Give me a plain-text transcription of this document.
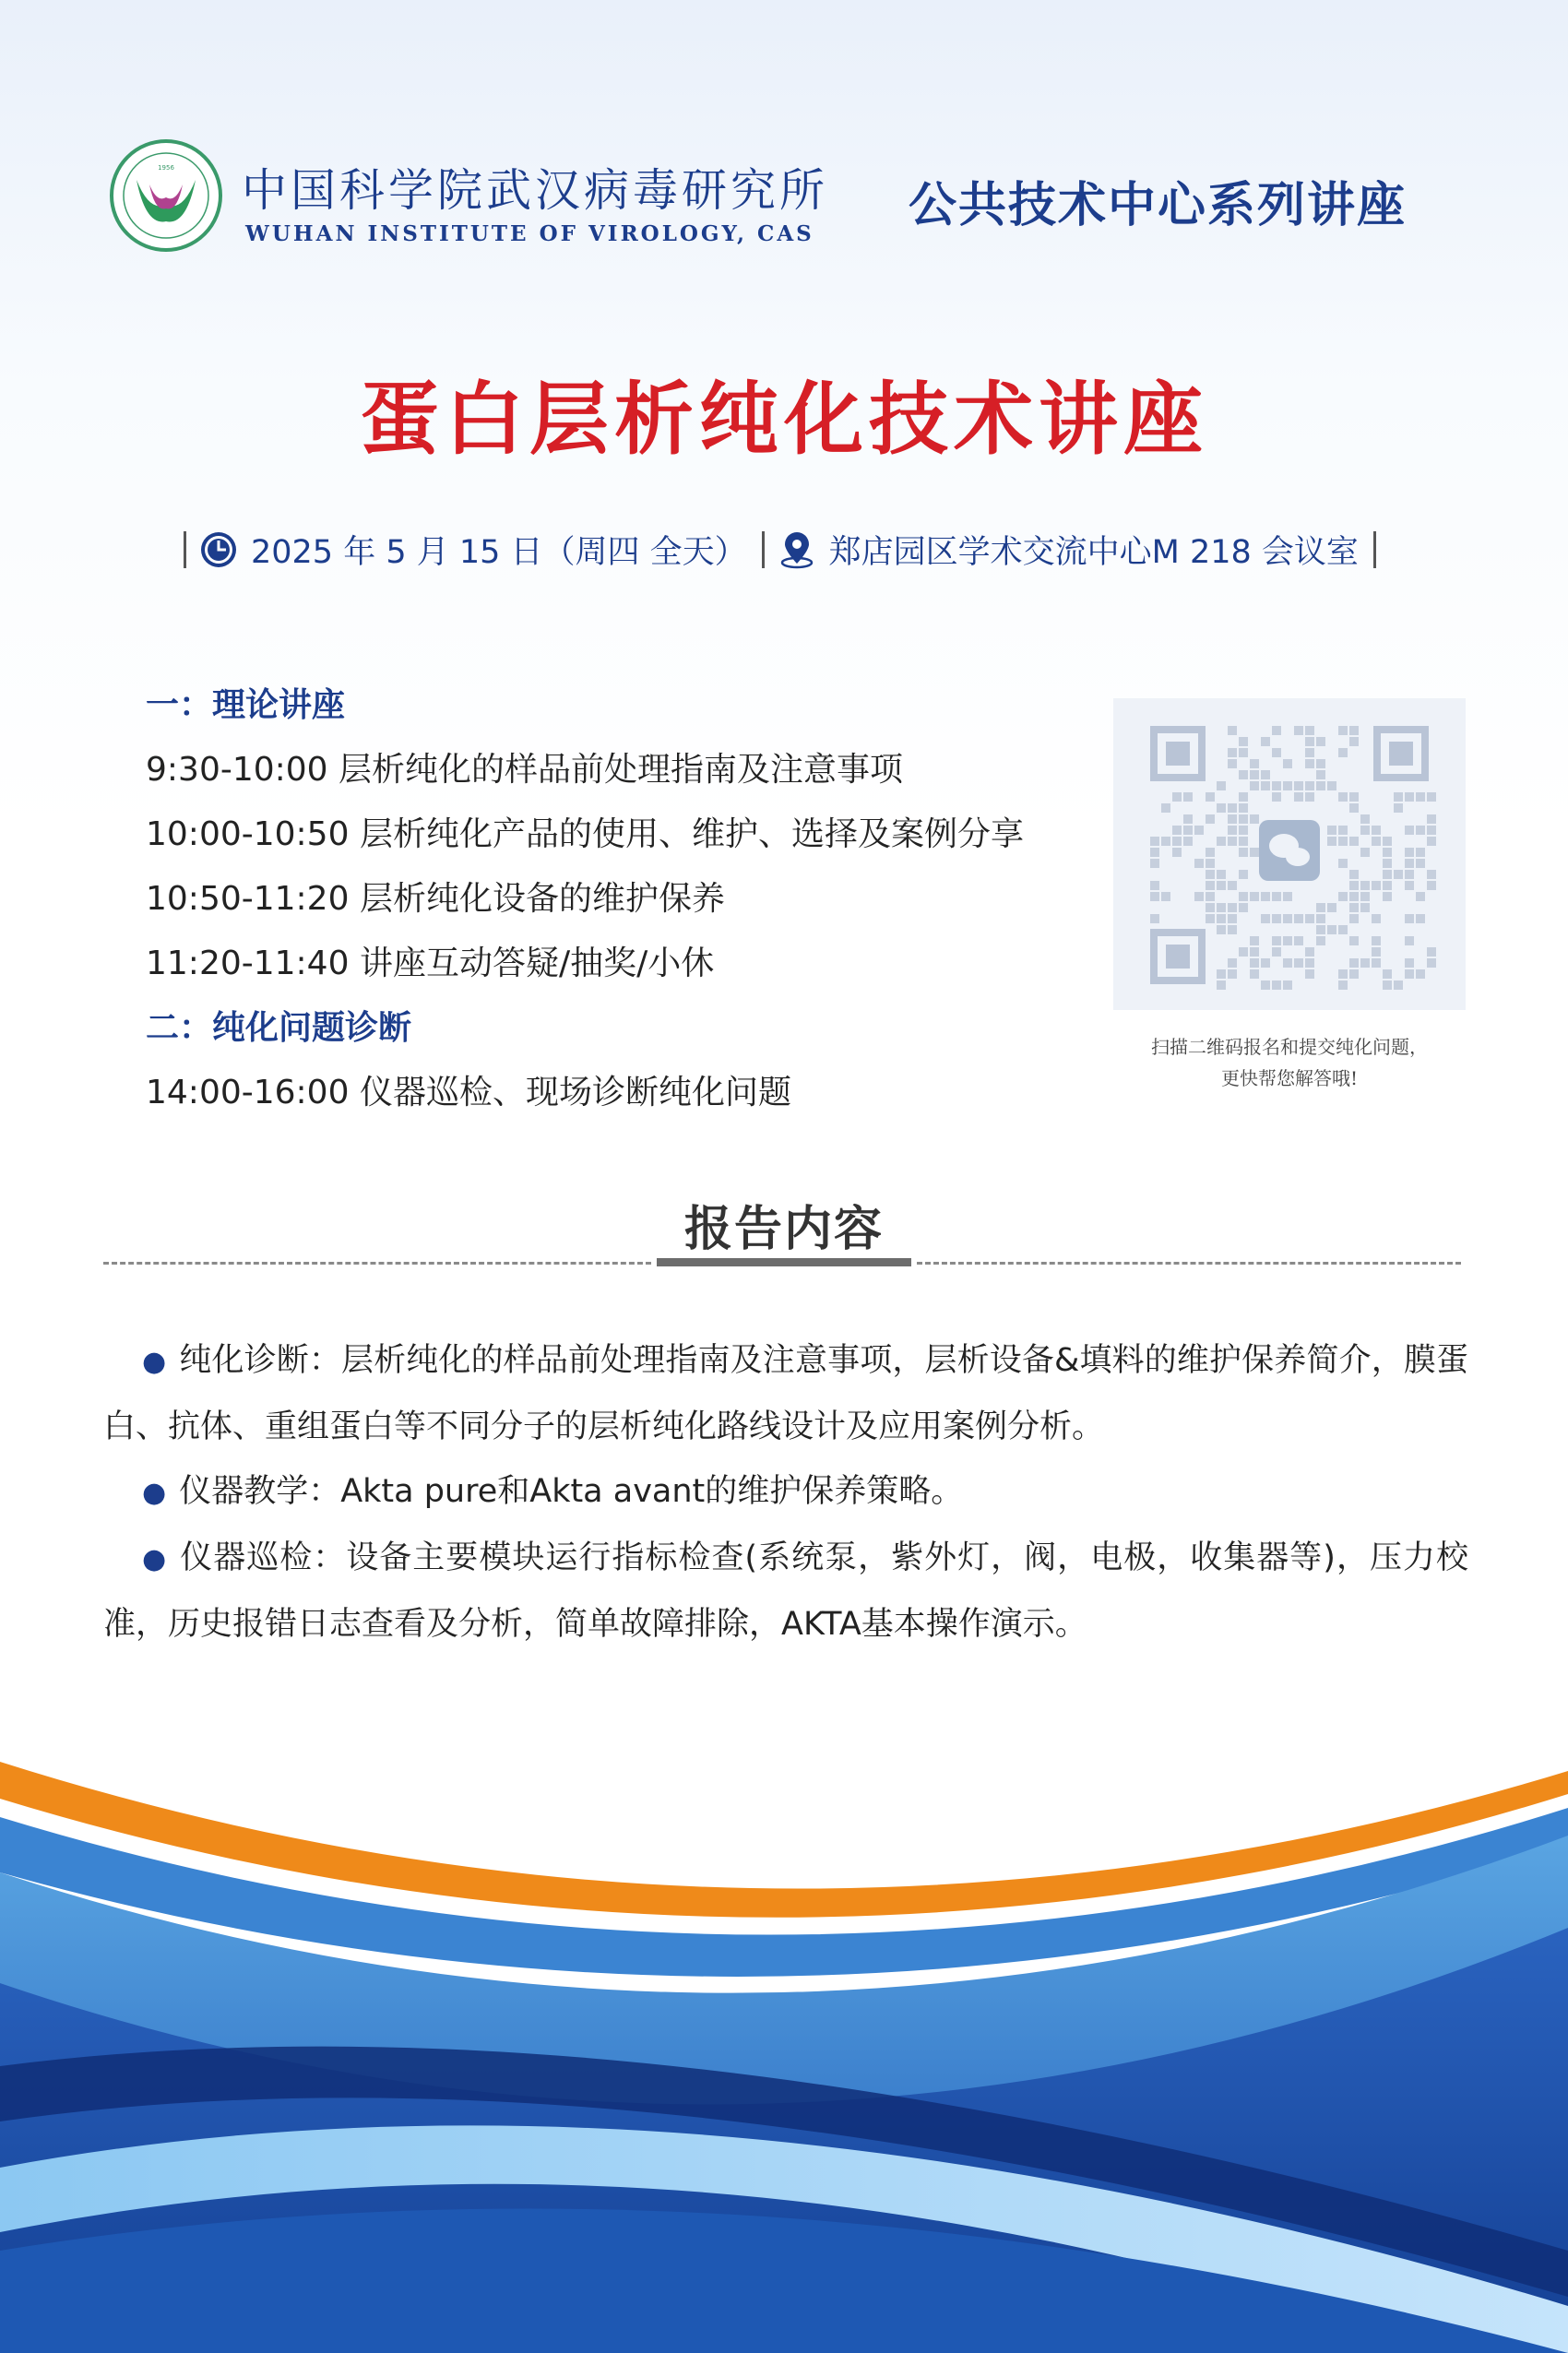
1956 中国科学院武汉病毒研究所
WUHAN INSTITUTE OF VIROLOGY, CAS
公共技术中心系列讲座
蛋白层析纯化技术讲座
2025 年 5 月 15 日（周四 全天）	郑店园区学术交流中心M 218 会议室
一：理论讲座
9:30-10:00 层析纯化的样品前处理指南及注意事项
10:00-10:50 层析纯化产品的使用、维护、选择及案例分享
10:50-11:20 层析纯化设备的维护保养
11:20-11:40 讲座互动答疑/抽奖/小休
二：纯化问题诊断
14:00-16:00 仪器巡检、现场诊断纯化问题
扫描二维码报名和提交纯化问题，
更快帮您解答哦!
报告内容

● 纯化诊断：层析纯化的样品前处理指南及注意事项，层析设备&填料的维护保养简介，膜蛋白、抗体、重组蛋白等不同分子的层析纯化路线设计及应用案例分析。

● 仪器教学：Akta pure和Akta avant的维护保养策略。

● 仪器巡检：设备主要模块运行指标检查(系统泵，紫外灯，阀，电极，收集器等)，压力校准，历史报错日志查看及分析，简单故障排除，AKTA基本操作演示。
